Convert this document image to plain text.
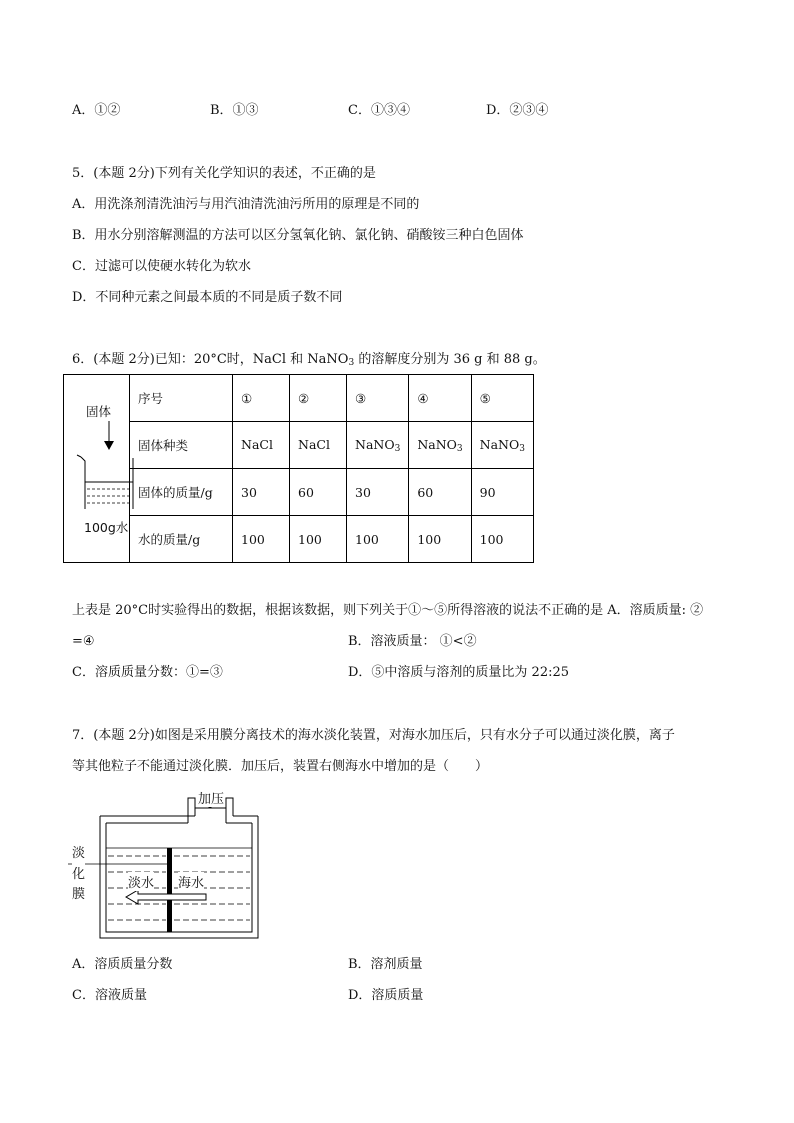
A．①②	B．①③	C．①③④	D．②③④
5．(本题 2分)下列有关化学知识的表述，不正确的是
A．用洗涤剂清洗油污与用汽油清洗油污所用的原理是不同的
B．用水分别溶解测温的方法可以区分氢氧化钠、氯化钠、硝酸铵三种白色固体
C．过滤可以使硬水转化为软水
D．不同种元素之间最本质的不同是质子数不同
6．(本题 2分)已知：20°C时，NaCl 和 NaNO$_3$ 的溶解度分别为 36 g 和 88 g。
固体
100g水	序号	①	②	③	④	⑤
	固体种类	NaCl	NaCl	NaNO$_3$	NaNO$_3$	NaNO$_3$
	固体的质量/g	30	60	30	60	90
	水的质量/g	100	100	100	100	100
上表是 20°C时实验得出的数据，根据该数据，则下列关于①～⑤所得溶液的说法不正确的是 A．溶质质量: ②
=④	B．溶液质量： ①<②
C．溶质质量分数：①=③	D．⑤中溶质与溶剂的质量比为 22:25
7．(本题 2分)如图是采用膜分离技术的海水淡化装置，对海水加压后，只有水分子可以通过淡化膜，离子
等其他粒子不能通过淡化膜．加压后，装置右侧海水中增加的是（　　）
加压
淡
化
膜
淡水 海水
A．溶质质量分数	B．溶剂质量
C．溶液质量	D．溶质质量
